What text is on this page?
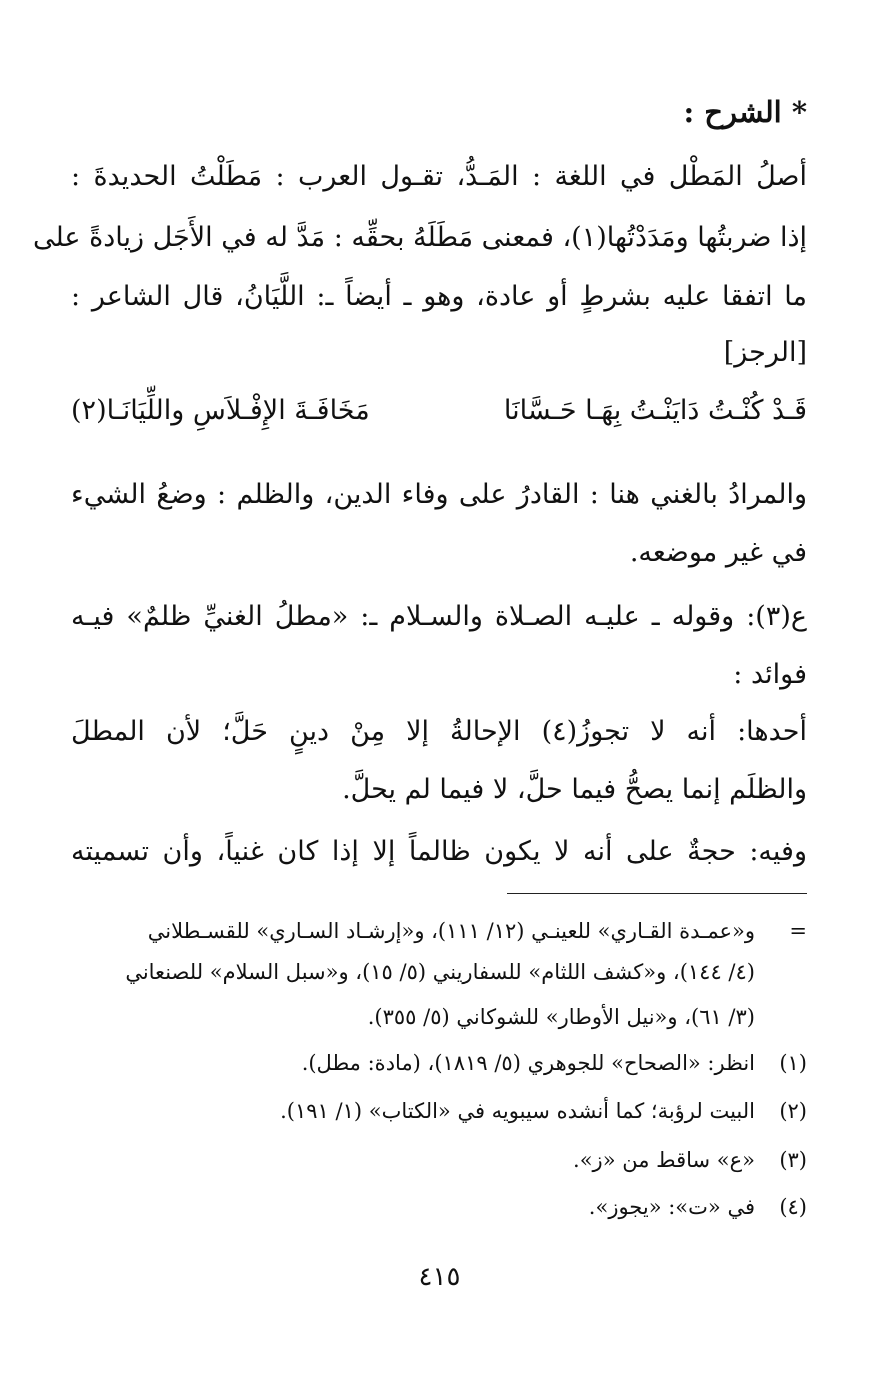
* الشرح :
أصلُ المَطْل في اللغة : المَـدُّ، تقـول العرب : مَطَلْتُ الحديدةَ :
إذا ضربتُها ومَدَدْتُها(١)، فمعنى مَطَلَهُ بحقِّه : مَدَّ له في الأَجَل زيادةً على
ما اتفقا عليه بشرطٍ أو عادة، وهو ـ أيضاً ـ: اللَّيَانُ، قال الشاعر :
[الرجز]
قَـدْ كُنْـتُ دَايَنْـتُ بِهَـا حَـسَّانَا
مَخَافَـةَ الإِفْـلاَسِ واللِّيَانَـا(٢)
والمرادُ بالغني هنا : القادرُ على وفاء الدين، والظلم : وضعُ الشيء
في غير موضعه.
ع(٣): وقوله ـ عليـه الصـلاة والسـلام ـ: «مطلُ الغنيِّ ظلمٌ» فيـه
فوائد :
أحدها: أنه لا تجوزُ(٤) الإحالةُ إلا مِنْ دينٍ حَلَّ؛ لأن المطلَ
والظلَم إنما يصحُّ فيما حلَّ، لا فيما لم يحلَّ.
وفيه: حجةٌ على أنه لا يكون ظالماً إلا إذا كان غنياً، وأن تسميته
=و«عمـدة القـاري» للعينـي (١٢/ ١١١)، و«إرشـاد السـاري» للقسـطلاني
(٤/ ١٤٤)، و«كشف اللثام» للسفاريني (٥/ ١٥)، و«سبل السلام» للصنعاني
(٣/ ٦١)، و«نيل الأوطار» للشوكاني (٥/ ٣٥٥).
(١)انظر: «الصحاح» للجوهري (٥/ ١٨١٩)، (مادة: مطل).
(٢)البيت لرؤبة؛ كما أنشده سيبويه في «الكتاب» (١/ ١٩١).
(٣)«ع» ساقط من «ز».
(٤)في «ت»: «يجوز».
٤١٥
